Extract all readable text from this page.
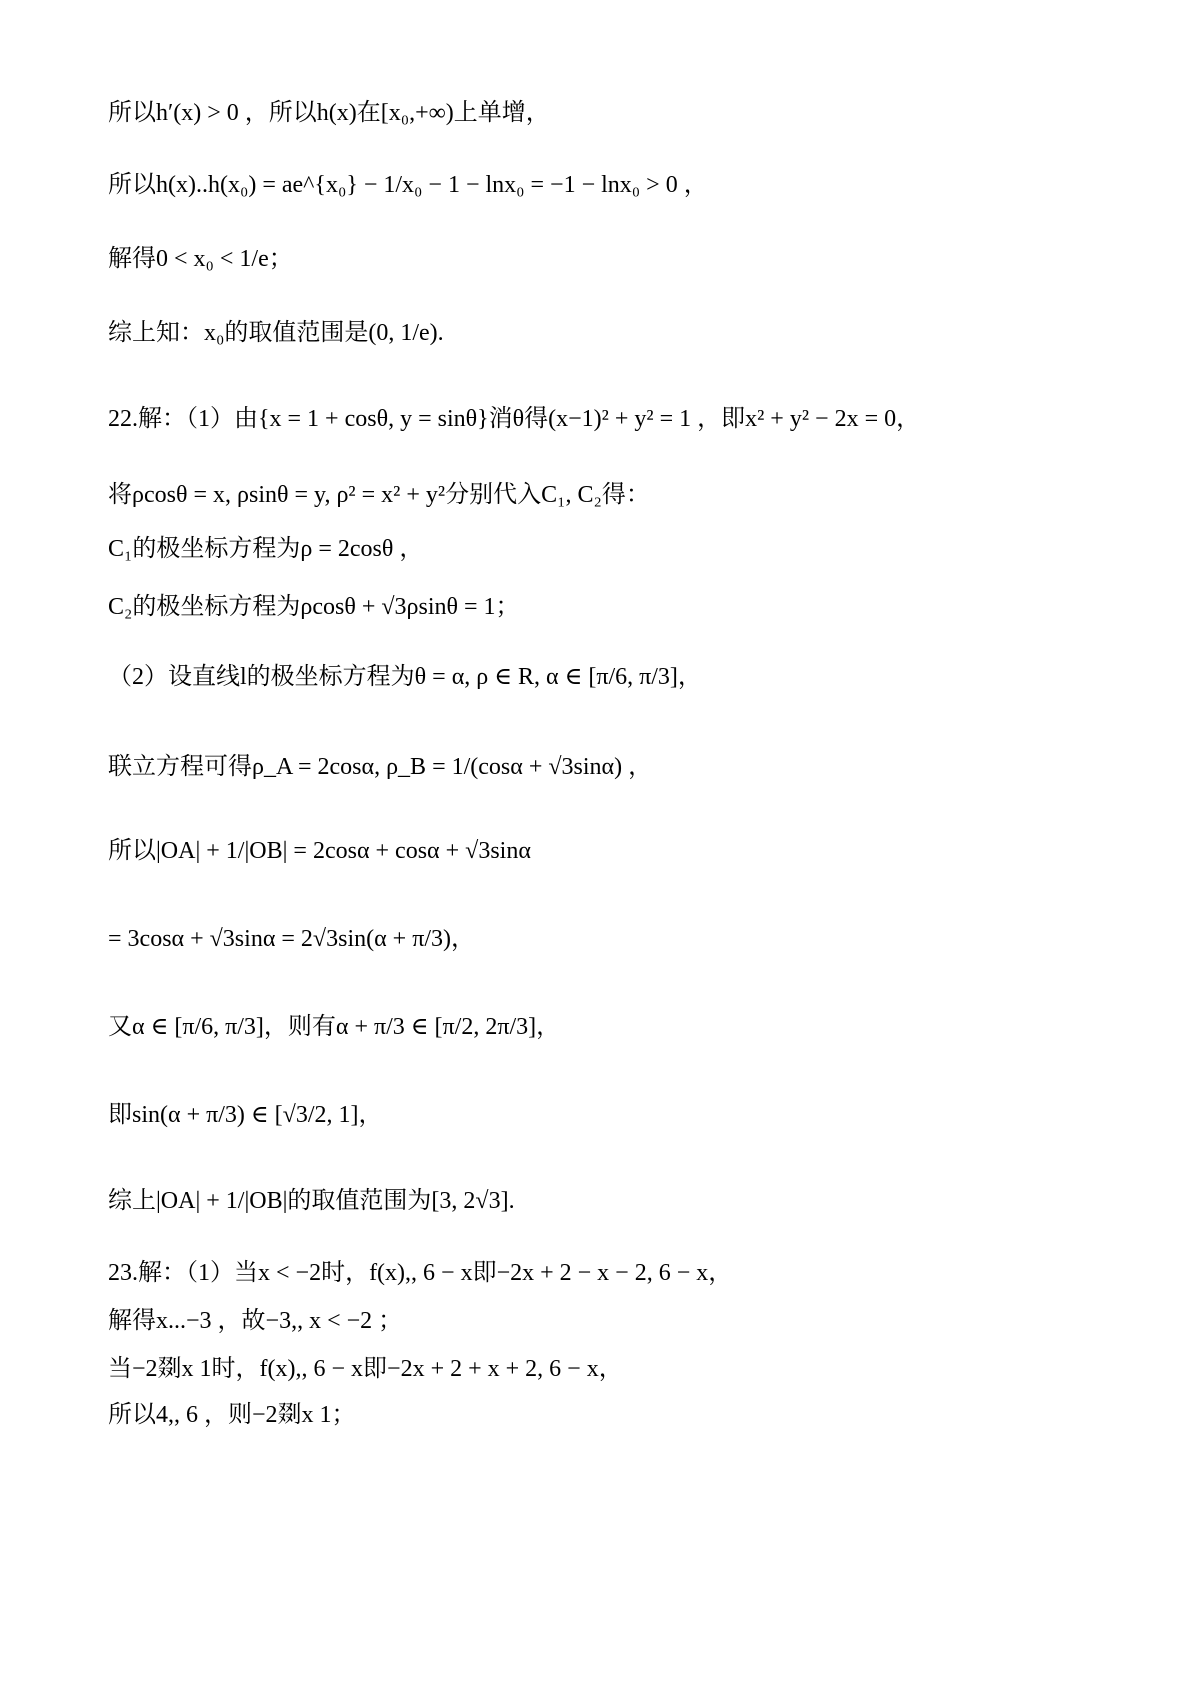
所以h′(x) > 0 ，所以h(x)在[x₀,+∞)上单增，
所以h(x)..h(x₀) = ae^{x₀} − 1/x₀ − 1 − lnx₀ = −1 − lnx₀ > 0 ，
解得0 < x₀ < 1/e；
综上知：x₀的取值范围是(0, 1/e).
22.解：（1）由{x = 1 + cosθ, y = sinθ}消θ得(x−1)² + y² = 1 ，即x² + y² − 2x = 0，
将ρcosθ = x, ρsinθ = y, ρ² = x² + y²分别代入C₁, C₂得：
C₁的极坐标方程为ρ = 2cosθ ，
C₂的极坐标方程为ρcosθ + √3ρsinθ = 1；
（2）设直线l的极坐标方程为θ = α, ρ ∈ R, α ∈ [π/6, π/3]，
联立方程可得ρ_A = 2cosα, ρ_B = 1/(cosα + √3sinα) ，
所以|OA| + 1/|OB| = 2cosα + cosα + √3sinα
= 3cosα + √3sinα = 2√3sin(α + π/3)，
又α ∈ [π/6, π/3]，则有α + π/3 ∈ [π/2, 2π/3]，
即sin(α + π/3) ∈ [√3/2, 1]，
综上|OA| + 1/|OB|的取值范围为[3, 2√3].
23.解：（1）当x < −2时，f(x),, 6 − x即−2x + 2 − x − 2, 6 − x，
解得x...−3 ，故−3,, x < −2 ；
当−2剟x 1时，f(x),, 6 − x即−2x + 2 + x + 2, 6 − x，
所以4,, 6 ，则−2剟x 1；
